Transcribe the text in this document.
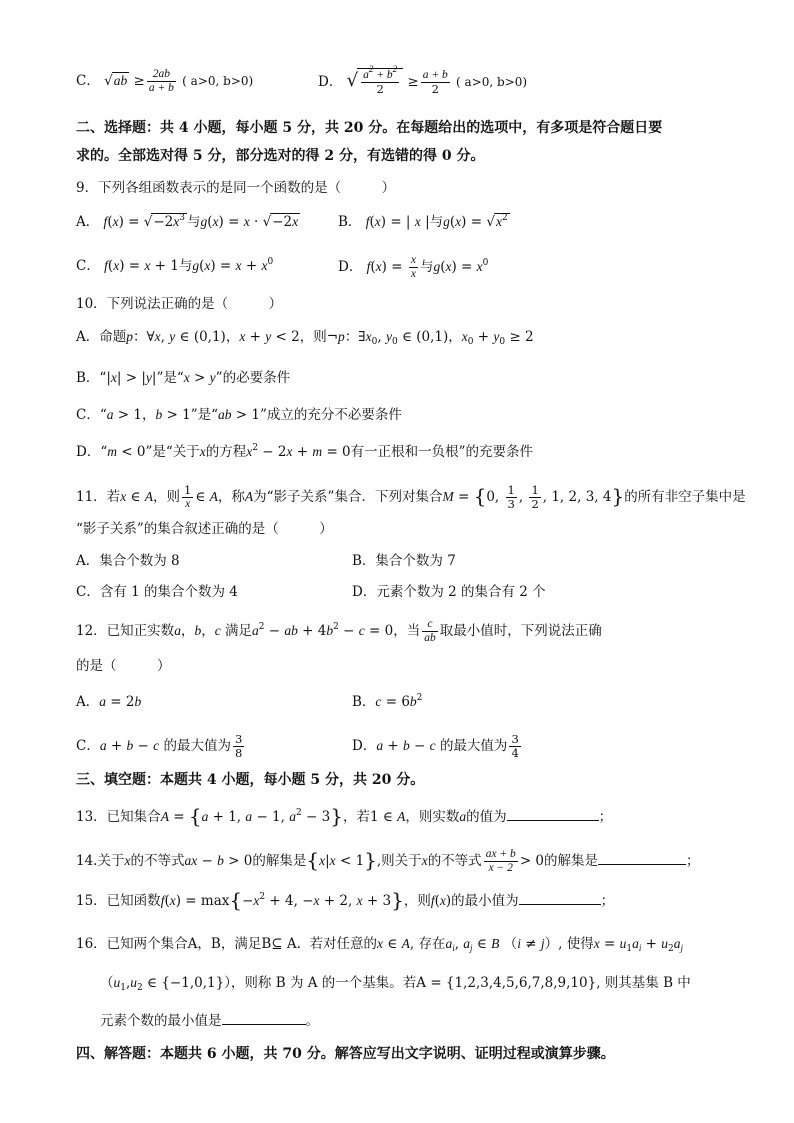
C． $√ab \ge \frac{2ab}{a + b}$ ( a>0, b>0)	D． √ $\frac{a^2 + b^2}{2} \ge \frac{a + b}{2}$ ( a>0, b>0)
二、选择题：共 4 小题，每小题 5 分，共 20 分。在每题给出的选项中，有多项是符合题日要
求的。全部选对得 5 分，部分选对的得 2 分，有选错的得 0 分。
9．下列各组函数表示的是同一个函数的是（　　　）
A． $f(x) = √-2x^3$ 与g(x) = x · √−2x	B． f(x) = | x |与$g(x) = √x^2$
C． f(x) = x + 1与$g(x) = x + x^0$	D． $f(x) = \frac{x}{x}$ 与$g(x) = x^0$
10．下列说法正确的是（　　　）
A．命题p：∀x, y ∈ (0,1)，x + y < 2，则¬p：$\exists x_0$, $y_0$ ∈ (0,1)，$x_0 + y_0 \ge 2$
B．“|x| > |y|”是“x > y”的必要条件
C．“a > 1，b > 1”是“ab > 1”成立的充分不必要条件
D．“m < 0”是“关于x的方程$x^2 - 2x + m = 0$有一正根和一负根”的充要条件
11．若x ∈ A，则 $\frac{1}{x}$ ∈ A，称A为“影子关系”集合．下列对集合M = {0, $\frac{1}{3}$ , $\frac{1}{2}$ , 1, 2, 3, 4}的所有非空子集中是
“影子关系”的集合叙述正确的是（　　　）
A．集合个数为 8	B．集合个数为 7
C．含有 1 的集合个数为 4	D．元素个数为 2 的集合有 2 个
12．已知正实数a，b，c 满足$a^2$ − ab + $4b^2 - c = 0$，当 $\frac{c}{ab}$ 取最小值时，下列说法正确
的是（　　　）
A．a = 2b	B．$c = 6b^2$
C．a + b − c 的最大值为 $\frac{3}{8}$	D．a + b − c 的最大值为 $\frac{3}{4}$
三、填空题：本题共 4 小题，每小题 5 分，共 20 分。
13．已知集合A = {a + 1, a − 1, $a^2 - 3$}，若1 ∈ A，则实数a的值为	；
14.关于x的不等式ax − b > 0的解集是{x|x < 1},则关于x的不等式 $\frac{ax + b}{x - 2} > 0$的解集是	；
15．已知函数$f(x) = \max\{-x^2 + 4$, −x + 2, x + 3}，则f(x)的最小值为	；
16．已知两个集合A，B，满足B⊆ A.  若对任意的x ∈ A, 存在$a_i$, $a_j$ ∈ B （i ≠ j）, 使得$x = u_1a_i + u_2a_j$
（$u_1,u_2$ ∈ {−1,0,1}），则称 B 为 A 的一个基集。若A = {1,2,3,4,5,6,7,8,9,10}, 则其基集 B 中
元素个数的最小值是	。
四、解答题：本题共 6 小题，共 70 分。解答应写出文字说明、证明过程或演算步骤。
